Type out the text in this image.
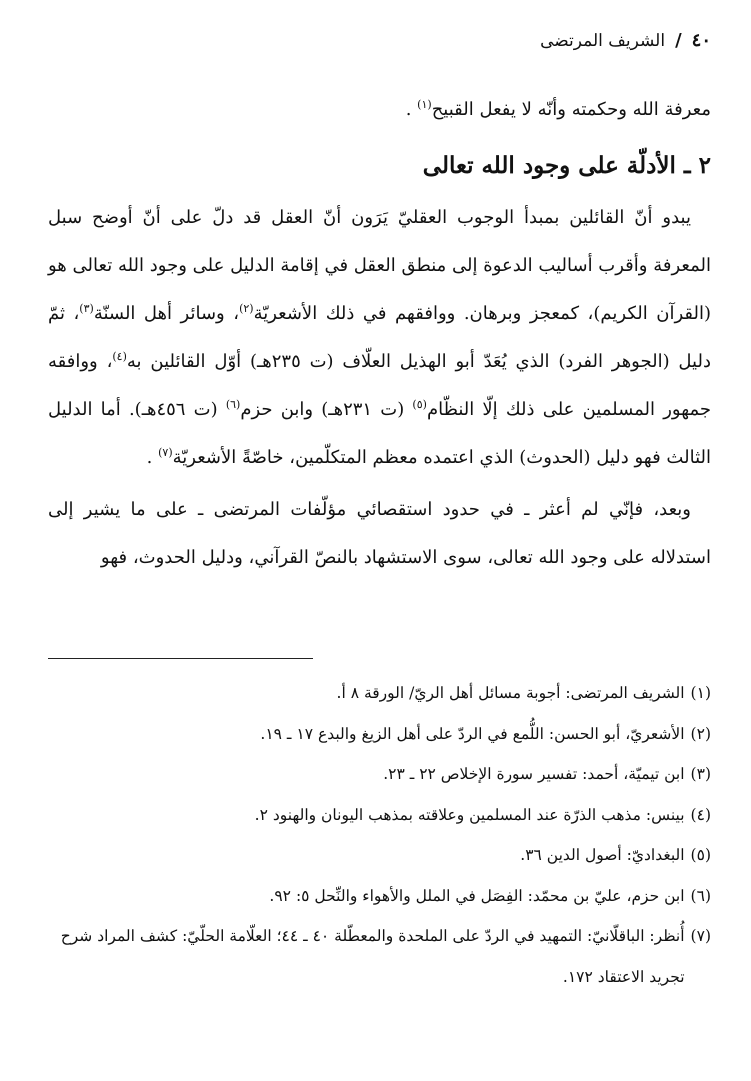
٤٠
/
الشريف المرتضى

معرفة الله وحكمته وأنّه لا يفعل القبيح$^{(١)}$ .

٢ ـ الأدلّة على وجود الله تعالى

يبدو أنّ القائلين بمبدأ الوجوب العقليّ يَرَون أنّ العقل قد دلّ على أنّ أوضح سبل المعرفة وأقرب أساليب الدعوة إلى منطق العقل في إقامة الدليل على وجود الله تعالى هو (القرآن الكريم)، كمعجز وبرهان. ووافقهم في ذلك الأشعريّة$^{(٢)}$، وسائر أهل السنّة$^{(٣)}$، ثمّ دليل (الجوهر الفرد) الذي يُعَدّ أبو الهذيل العلّاف (ت ٢٣٥هـ) أوّل القائلين به$^{(٤)}$، ووافقه جمهور المسلمين على ذلك إلّا النظّام$^{(٥)}$ (ت ٢٣١هـ) وابن حزم$^{(٦)}$ (ت ٤٥٦هـ). أما الدليل الثالث فهو دليل (الحدوث) الذي اعتمده معظم المتكلّمين، خاصّةً الأشعريّة$^{(٧)}$ .

وبعد، فإنّي لم أعثر ـ في حدود استقصائي مؤلّفات المرتضى ـ على ما يشير إلى استدلاله على وجود الله تعالى، سوى الاستشهاد بالنصّ القرآني، ودليل الحدوث، فهو

(١)
الشريف المرتضى: أجوبة مسائل أهل الريّ/ الورقة ٨ أ.
(٢)
الأشعريّ، أبو الحسن: اللُّمع في الردّ على أهل الزيغ والبدع ١٧ ـ ١٩.
(٣)
ابن تيميّة، أحمد: تفسير سورة الإخلاص ٢٢ ـ ٢٣.
(٤)
بينس: مذهب الذرّة عند المسلمين وعلاقته بمذهب اليونان والهنود ٢.
(٥)
البغداديّ: أصول الدين ٣٦.
(٦)
ابن حزم، عليّ بن محمّد: الفِصَل في الملل والأهواء والنِّحل ٥: ٩٢.
(٧)
أُنظر: الباقلّانيّ: التمهيد في الردّ على الملحدة والمعطّلة ٤٠ ـ ٤٤؛ العلّامة الحلّيّ: كشف المراد شرح تجريد الاعتقاد ١٧٢.
